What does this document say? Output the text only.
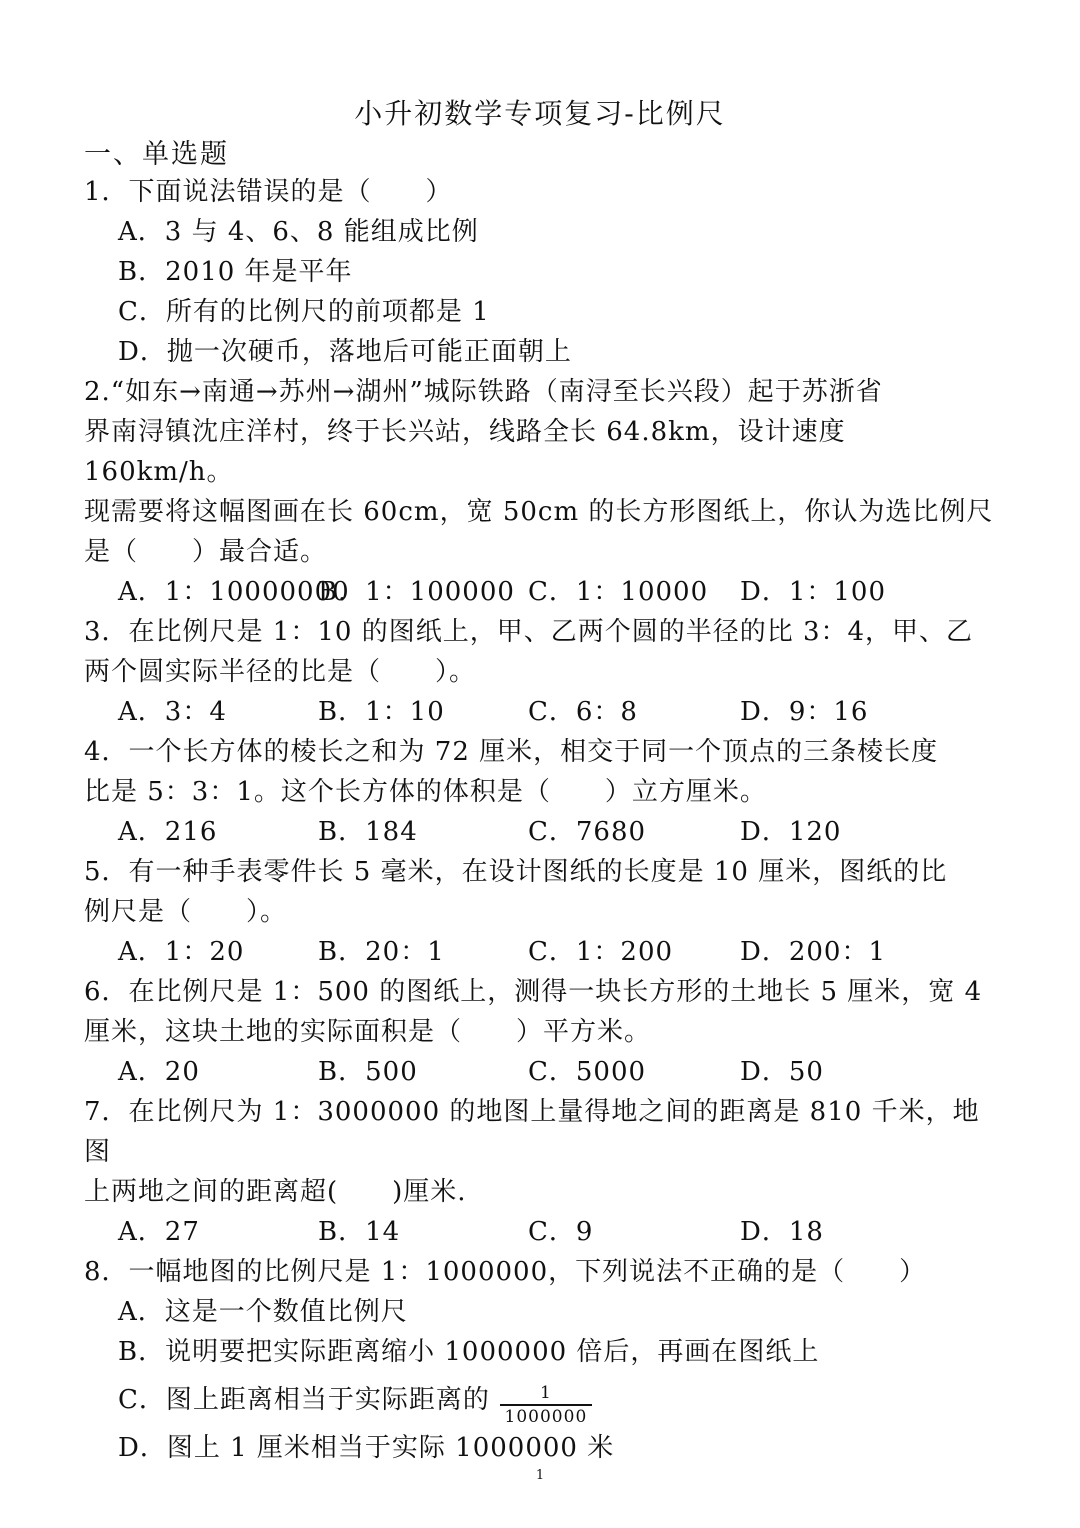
小升初数学专项复习-比例尺
一、单选题
1．下面说法错误的是（　　）
A．3 与 4、6、8 能组成比例
B．2010 年是平年
C．所有的比例尺的前项都是 1
D．抛一次硬币，落地后可能正面朝上
2.“如东→南通→苏州→湖州”城际铁路（南浔至长兴段）起于苏浙省
界南浔镇沈庄洋村，终于长兴站，线路全长 64.8km，设计速度 160km/h。
现需要将这幅图画在长 60cm，宽 50cm 的长方形图纸上，你认为选比例尺
是（　　）最合适。
A．1：10000000
B．1：100000 C．1：10000	D．1：100
3．在比例尺是 1：10 的图纸上，甲、乙两个圆的半径的比 3：4，甲、乙
两个圆实际半径的比是（　　）。
A．3：4	B．1：10	C．6：8	D．9：16
4．一个长方体的棱长之和为 72 厘米，相交于同一个顶点的三条棱长度
比是 5：3：1。这个长方体的体积是（　　）立方厘米。
A．216	B．184	C．7680	D．120
5．有一种手表零件长 5 毫米，在设计图纸的长度是 10 厘米，图纸的比
例尺是（　　）。
A．1：20	B．20：1	C．1：200	D．200：1
6．在比例尺是 1：500 的图纸上，测得一块长方形的土地长 5 厘米，宽 4
厘米，这块土地的实际面积是（　　）平方米。
A．20	B．500	C．5000	D．50
7．在比例尺为 1：3000000 的地图上量得地之间的距离是 810 千米，地图
上两地之间的距离超(　　)厘米.
A．27	B．14	C．9	D．18
8．一幅地图的比例尺是 1：1000000，下列说法不正确的是（　　）
A．这是一个数值比例尺
B．说明要把实际距离缩小 1000000 倍后，再画在图纸上
C．图上距离相当于实际距离的 $\frac{1}{1000000}$
D．图上 1 厘米相当于实际 1000000 米
1
